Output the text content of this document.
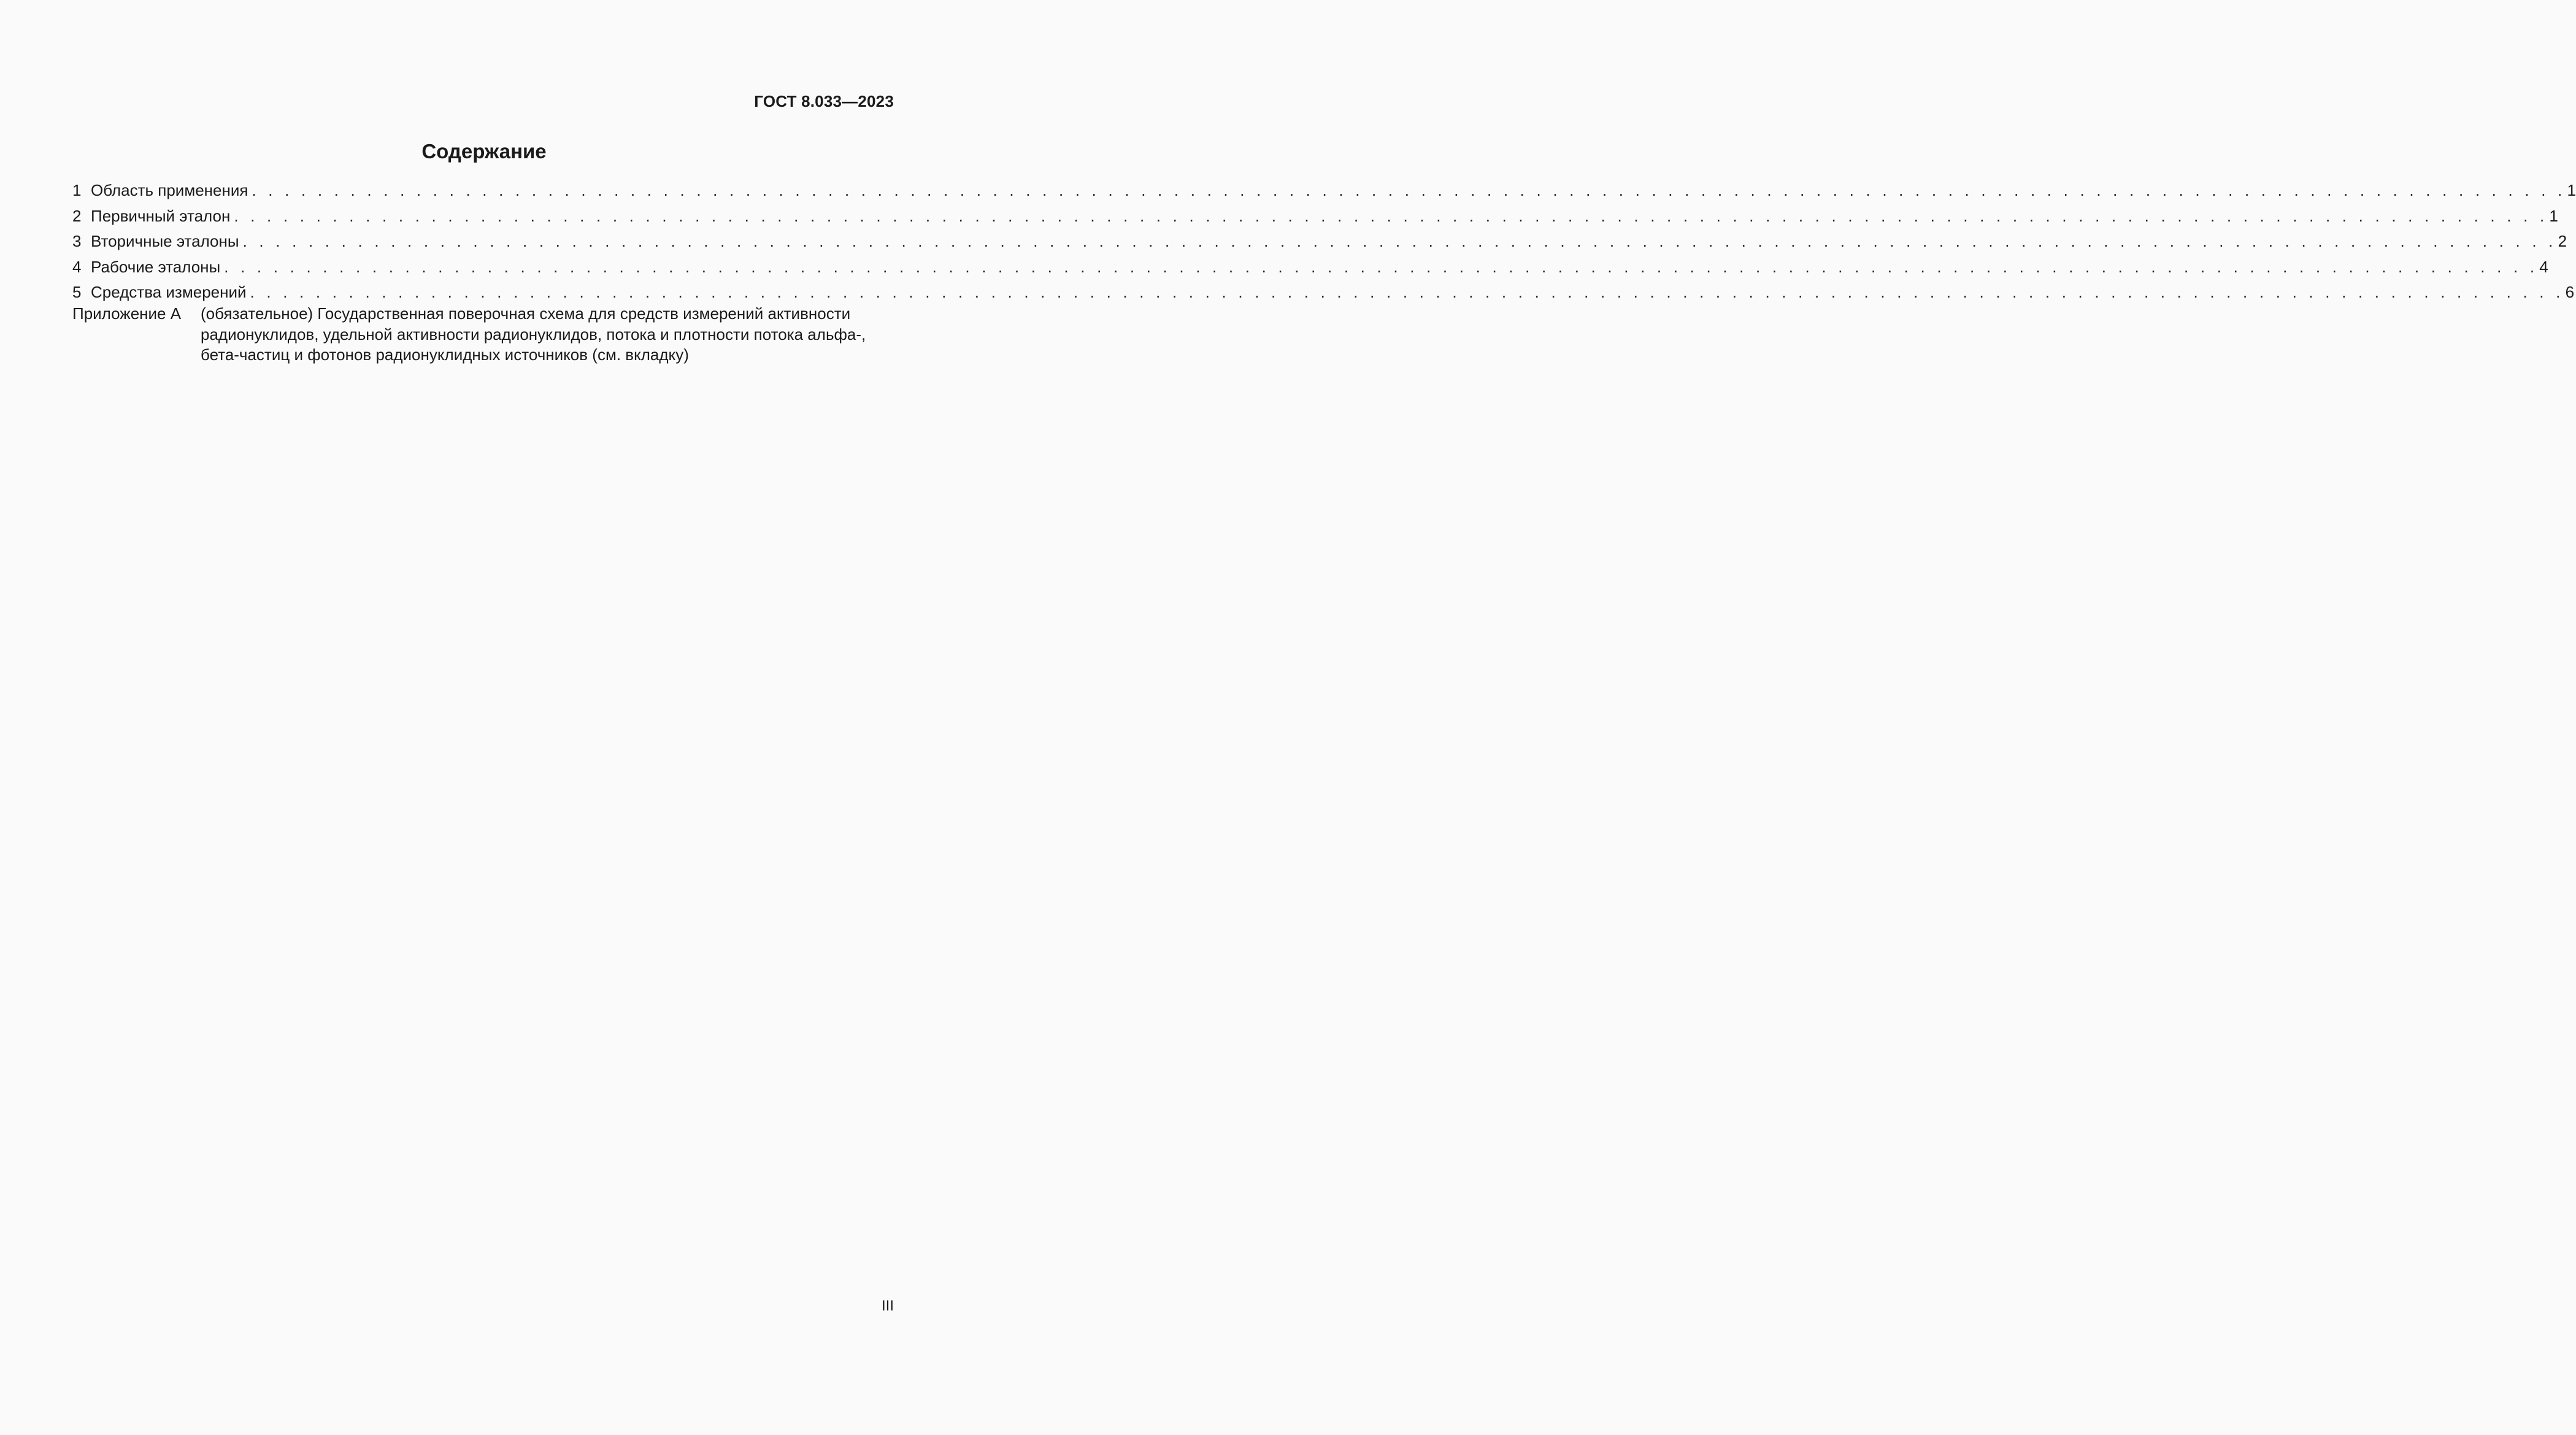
ГОСТ 8.033—2023
Содержание
1 Область применения . . . . . . . . . . . . . . . . . . . . . . . . . . . . . . . . . . . . . . . . . . . . . . . . . . . . . . . . . . . . . . . . . . . . . . . . . . . . . . . . . . . . . . . . . . . . . . . . . . . . . . . . . . . . . . . . . . . . . . . . . . . . . . . . . . . . . . . . . . . . . 1
2 Первичный эталон . . . . . . . . . . . . . . . . . . . . . . . . . . . . . . . . . . . . . . . . . . . . . . . . . . . . . . . . . . . . . . . . . . . . . . . . . . . . . . . . . . . . . . . . . . . . . . . . . . . . . . . . . . . . . . . . . . . . . . . . . . . . . . . . . . . . . . . . . . . . . 1
3 Вторичные эталоны . . . . . . . . . . . . . . . . . . . . . . . . . . . . . . . . . . . . . . . . . . . . . . . . . . . . . . . . . . . . . . . . . . . . . . . . . . . . . . . . . . . . . . . . . . . . . . . . . . . . . . . . . . . . . . . . . . . . . . . . . . . . . . . . . . . . . . . . . . . . . 2
4 Рабочие эталоны . . . . . . . . . . . . . . . . . . . . . . . . . . . . . . . . . . . . . . . . . . . . . . . . . . . . . . . . . . . . . . . . . . . . . . . . . . . . . . . . . . . . . . . . . . . . . . . . . . . . . . . . . . . . . . . . . . . . . . . . . . . . . . . . . . . . . . . . . . . . . 4
5 Средства измерений . . . . . . . . . . . . . . . . . . . . . . . . . . . . . . . . . . . . . . . . . . . . . . . . . . . . . . . . . . . . . . . . . . . . . . . . . . . . . . . . . . . . . . . . . . . . . . . . . . . . . . . . . . . . . . . . . . . . . . . . . . . . . . . . . . . . . . . . . . . . . 6
Приложение А	(обязательное) Государственная поверочная схема для средств измерений активности радионуклидов, удельной активности радионуклидов, потока и плотности потока альфа-, бета-частиц и фотонов радионуклидных источников (см. вкладку)
III
